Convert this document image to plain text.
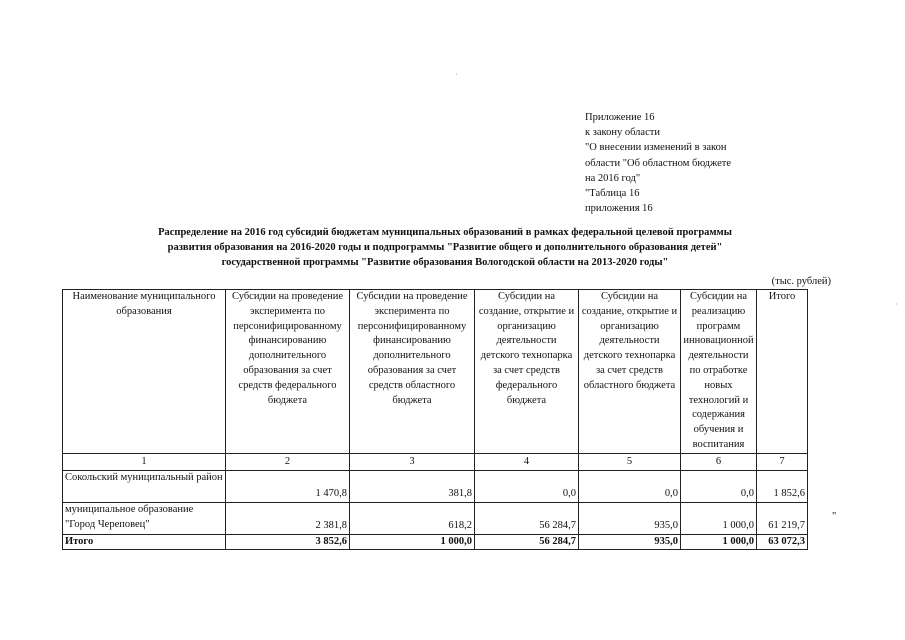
Приложение 16
к закону области
"О внесении изменений в закон
области "Об областном бюджете
на 2016 год"
"Таблица 16
приложения 16
Распределение на 2016 год субсидий бюджетам муниципальных образований в рамках федеральной целевой программы
развития образования на 2016-2020 годы и подпрограммы "Развитие общего и дополнительного образования детей"
государственной программы "Развитие образования Вологодской области на 2013-2020 годы"
(тыс. рублей)
Наименование муниципального образования	Субсидии на проведение эксперимента по персонифицированному финансированию дополнительного образования за счет средств федерального бюджета	Субсидии на проведение эксперимента по персонифицированному финансированию дополнительного образования за счет средств областного бюджета	Субсидии на создание, открытие и организацию деятельности детского технопарка за счет средств федерального бюджета	Субсидии на создание, открытие и организацию деятельности детского технопарка за счет средств областного бюджета	Субсидии на реализацию программ инновационной деятельности по отработке новых технологий и содержания обучения и воспитания	Итого
1	2	3	4	5	6	7
Сокольский муниципальный район	1 470,8	381,8	0,0	0,0	0,0	1 852,6
муниципальное образование "Город Череповец"	2 381,8	618,2	56 284,7	935,0	1 000,0	61 219,7
Итого	3 852,6	1 000,0	56 284,7	935,0	1 000,0	63 072,3
"
·
·
